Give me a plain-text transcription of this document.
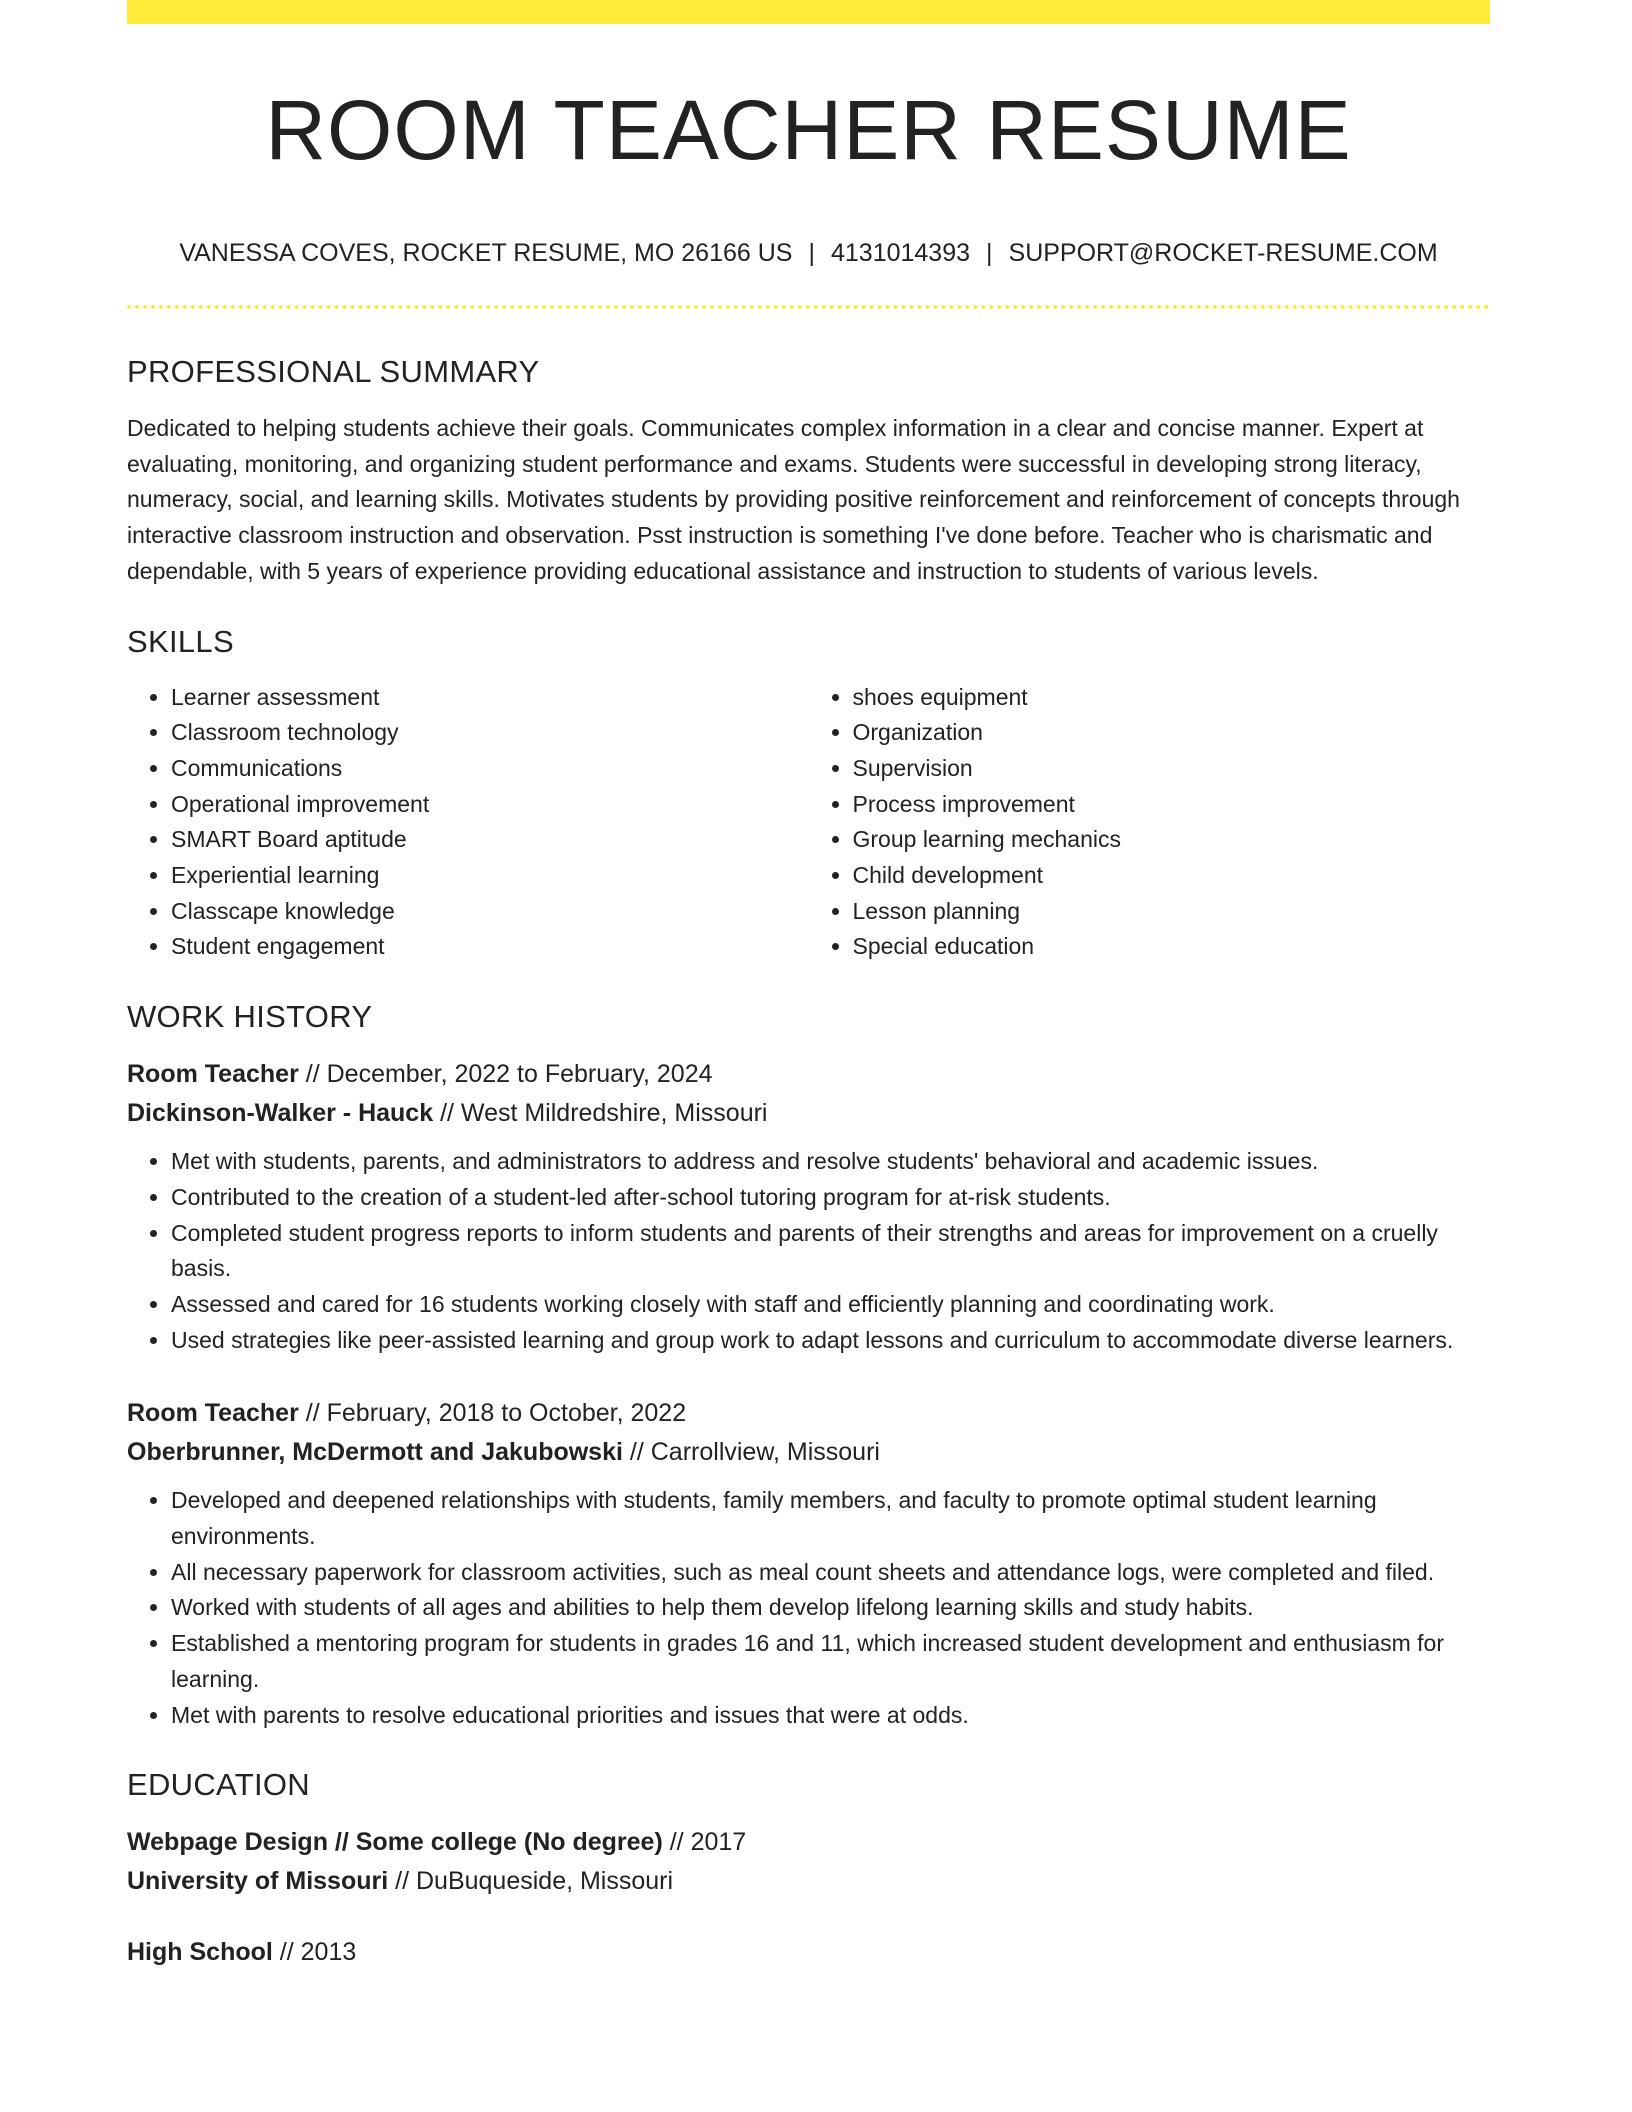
ROOM TEACHER RESUME
VANESSA COVES, ROCKET RESUME, MO 26166 US | 4131014393 | SUPPORT@ROCKET-RESUME.COM
PROFESSIONAL SUMMARY

Dedicated to helping students achieve their goals. Communicates complex information in a clear and concise manner. Expert at evaluating, monitoring, and organizing student performance and exams. Students were successful in developing strong literacy, numeracy, social, and learning skills. Motivates students by providing positive reinforcement and reinforcement of concepts through interactive classroom instruction and observation. Psst instruction is something I've done before. Teacher who is charismatic and dependable, with 5 years of experience providing educational assistance and instruction to students of various levels.

SKILLS
• Learner assessment
• Classroom technology
• Communications
• Operational improvement
• SMART Board aptitude
• Experiential learning
• Classcape knowledge
• Student engagement
• shoes equipment
• Organization
• Supervision
• Process improvement
• Group learning mechanics
• Child development
• Lesson planning
• Special education
WORK HISTORY
Room Teacher // December, 2022 to February, 2024
Dickinson-Walker - Hauck // West Mildredshire, Missouri
• Met with students, parents, and administrators to address and resolve students' behavioral and academic issues.
• Contributed to the creation of a student-led after-school tutoring program for at-risk students.
• Completed student progress reports to inform students and parents of their strengths and areas for improvement on a cruelly basis.
• Assessed and cared for 16 students working closely with staff and efficiently planning and coordinating work.
• Used strategies like peer-assisted learning and group work to adapt lessons and curriculum to accommodate diverse learners.
Room Teacher // February, 2018 to October, 2022
Oberbrunner, McDermott and Jakubowski // Carrollview, Missouri
• Developed and deepened relationships with students, family members, and faculty to promote optimal student learning environments.
• All necessary paperwork for classroom activities, such as meal count sheets and attendance logs, were completed and filed.
• Worked with students of all ages and abilities to help them develop lifelong learning skills and study habits.
• Established a mentoring program for students in grades 16 and 11, which increased student development and enthusiasm for learning.
• Met with parents to resolve educational priorities and issues that were at odds.
EDUCATION
Webpage Design // Some college (No degree) // 2017
University of Missouri // DuBuqueside, Missouri
High School // 2013
